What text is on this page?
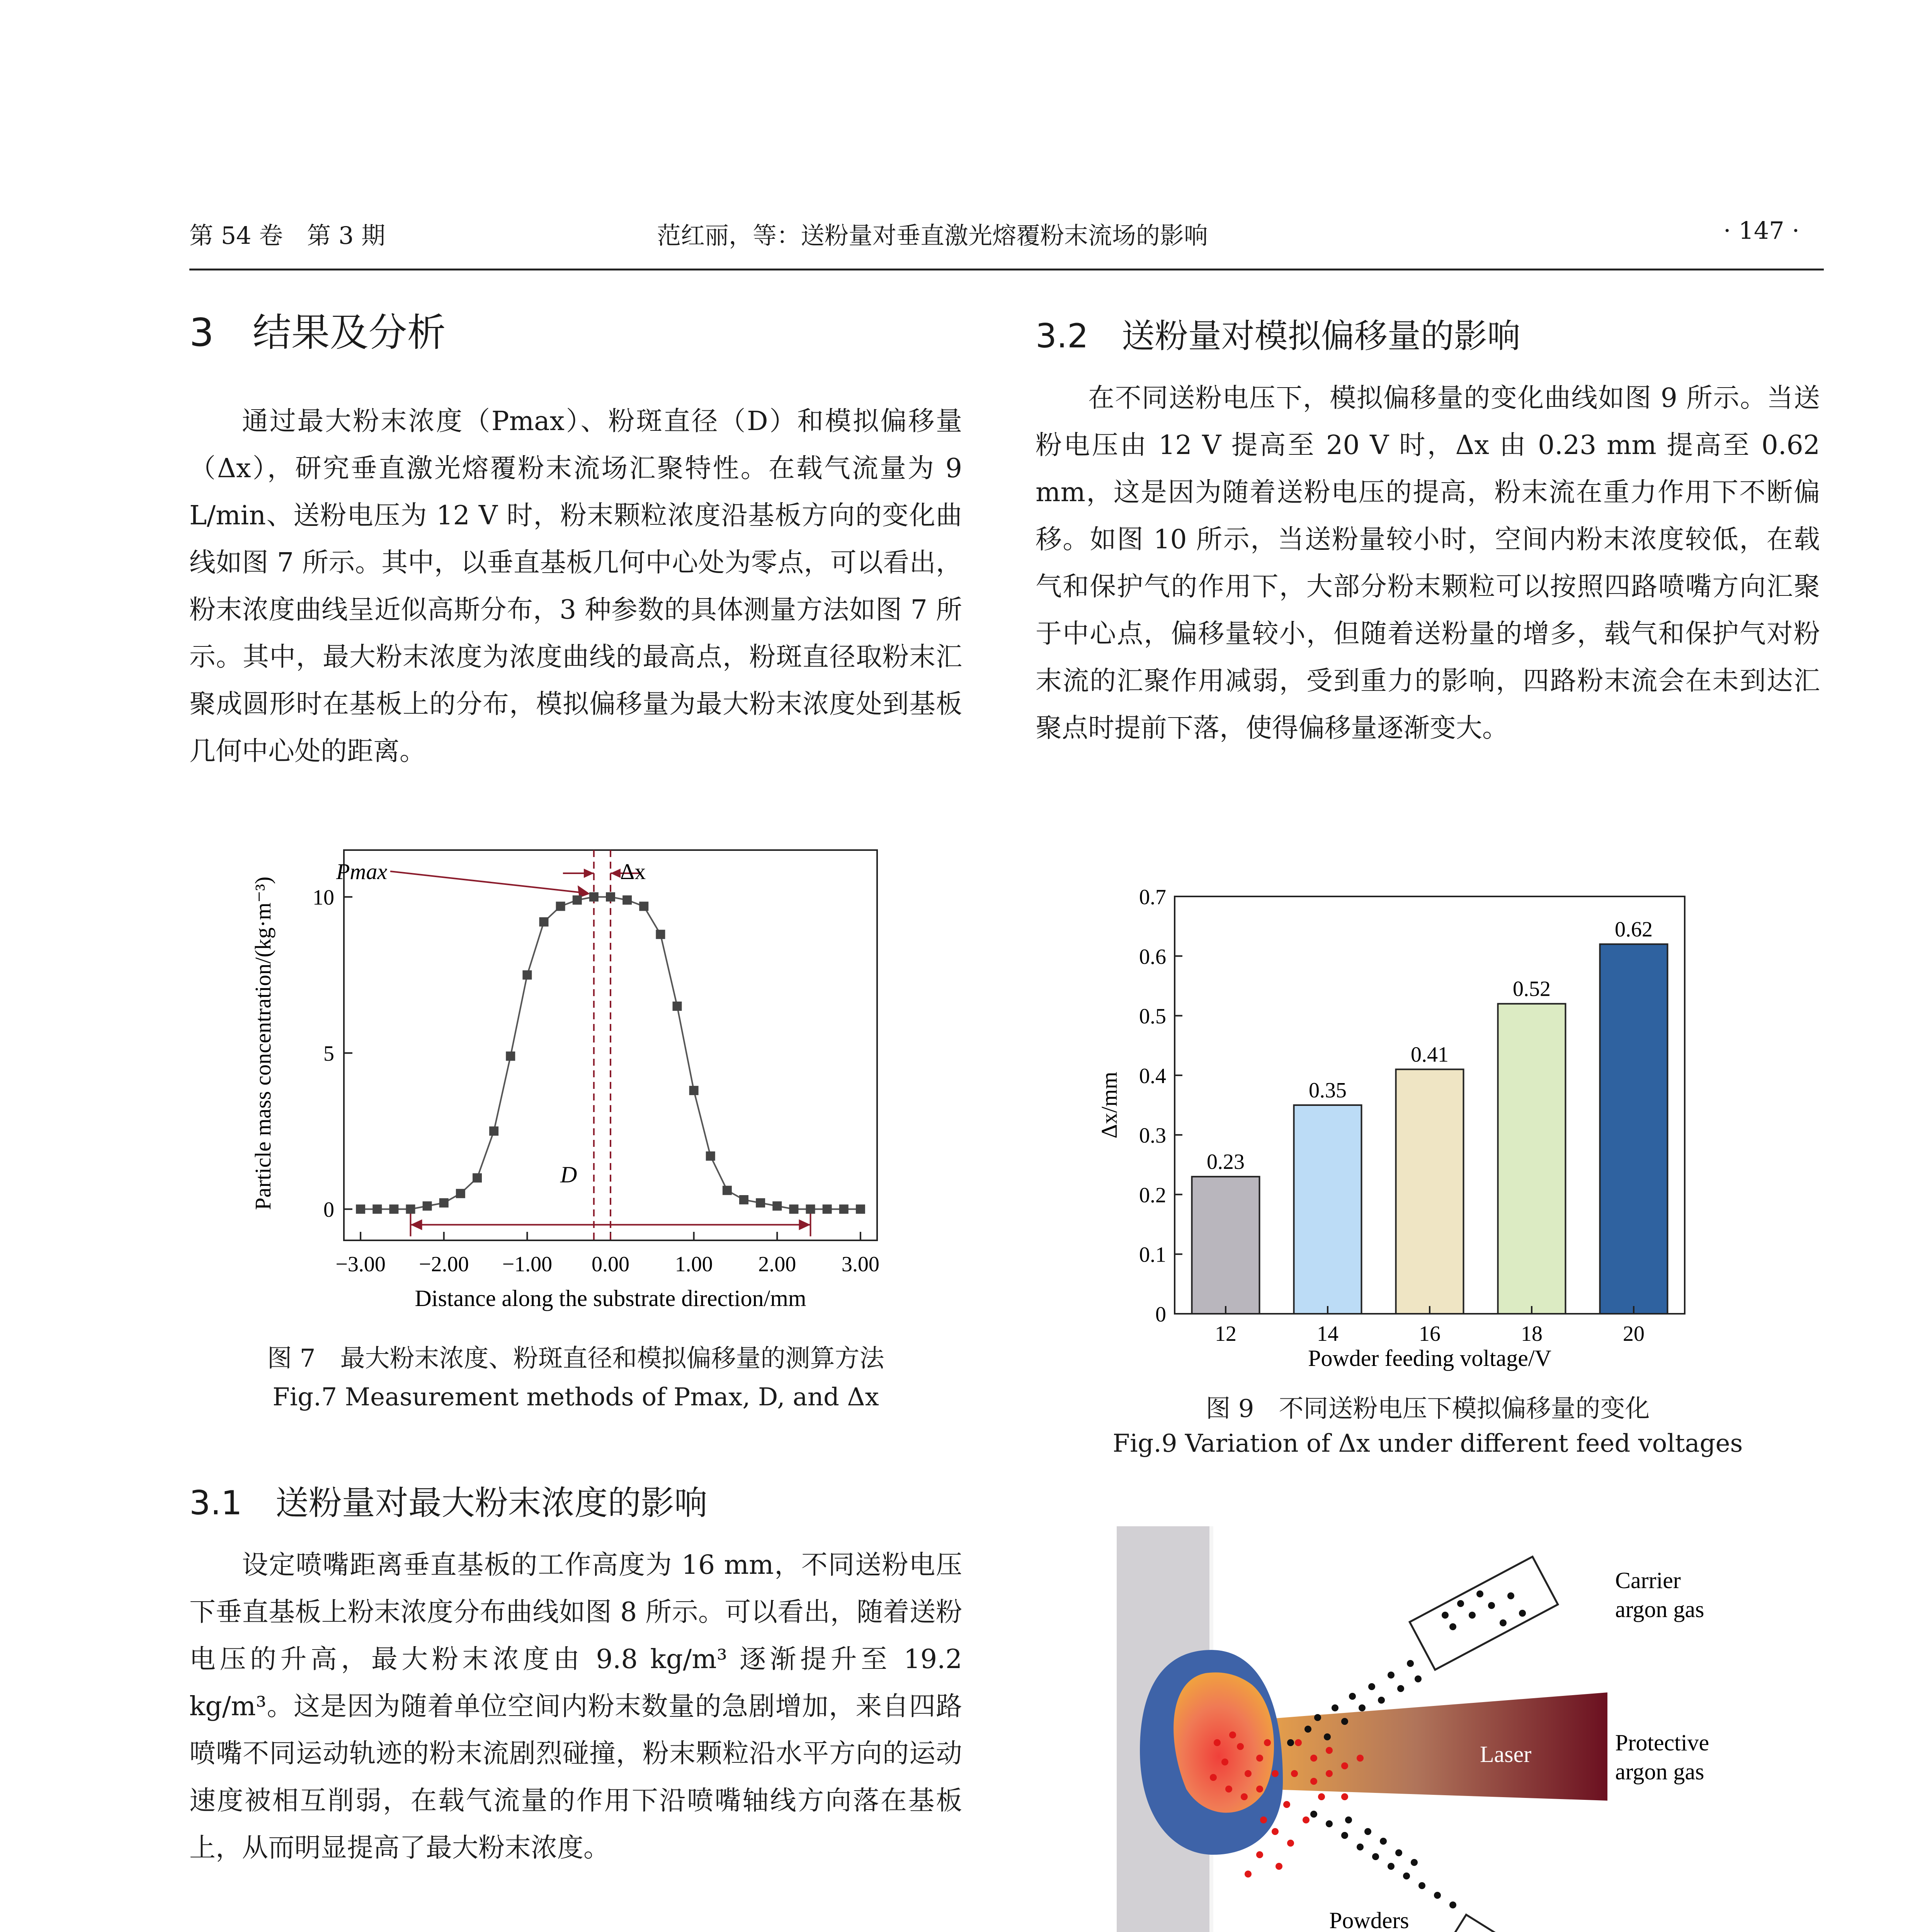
第 54 卷　第 3 期	范红丽，等：送粉量对垂直激光熔覆粉末流场的影响	· 147 ·
3　结果及分析

通过最大粉末浓度（Pmax）、粉斑直径（D）和模拟偏移量（Δx），研究垂直激光熔覆粉末流场汇聚特性。在载气流量为 9 L/min、送粉电压为 12 V 时，粉末颗粒浓度沿基板方向的变化曲线如图 7 所示。其中，以垂直基板几何中心处为零点，可以看出，粉末浓度曲线呈近似高斯分布，3 种参数的具体测量方法如图 7 所示。其中，最大粉末浓度为浓度曲线的最高点，粉斑直径取粉末汇聚成圆形时在基板上的分布，模拟偏移量为最大粉末浓度处到基板几何中心处的距离。

−3.00 −2.00 −1.00 0.00 1.00 2.00 3.00
0
5
10
Particle mass concentration/(kg·m⁻³)
Distance along the substrate direction/mm
Pmax	Δx
D
图 7　最大粉末浓度、粉斑直径和模拟偏移量的测算方法
Fig.7 Measurement methods of Pmax, D, and Δx
3.1　送粉量对最大粉末浓度的影响

设定喷嘴距离垂直基板的工作高度为 16 mm，不同送粉电压下垂直基板上粉末浓度分布曲线如图 8 所示。可以看出，随着送粉电压的升高，最大粉末浓度由 9.8 kg/m³ 逐渐提升至 19.2 kg/m³。这是因为随着单位空间内粉末数量的急剧增加，来自四路喷嘴不同运动轨迹的粉末流剧烈碰撞，粉末颗粒沿水平方向的运动速度被相互削弱，在载气流量的作用下沿喷嘴轴线方向落在基板上，从而明显提高了最大粉末浓度。

3.2　送粉量对模拟偏移量的影响

在不同送粉电压下，模拟偏移量的变化曲线如图 9 所示。当送粉电压由 12 V 提高至 20 V 时，Δx 由 0.23 mm 提高至 0.62 mm，这是因为随着送粉电压的提高，粉末流在重力作用下不断偏移。如图 10 所示，当送粉量较小时，空间内粉末浓度较低，在载气和保护气的作用下，大部分粉末颗粒可以按照四路喷嘴方向汇聚于中心点，偏移量较小，但随着送粉量的增多，载气和保护气对粉末流的汇聚作用减弱，受到重力的影响，四路粉末流会在未到达汇聚点时提前下落，使得偏移量逐渐变大。

0
0.1
0.2
0.3
0.4
0.5
0.6
0.7
0.23
12
0.35
14
0.41
16
0.52
18
0.62
20
Δx/mm
Powder feeding voltage/V
图 9　不同送粉电压下模拟偏移量的变化
Fig.9 Variation of Δx under different feed voltages
Carrier
argon gas
Laser	Protective
argon gas
Powders
